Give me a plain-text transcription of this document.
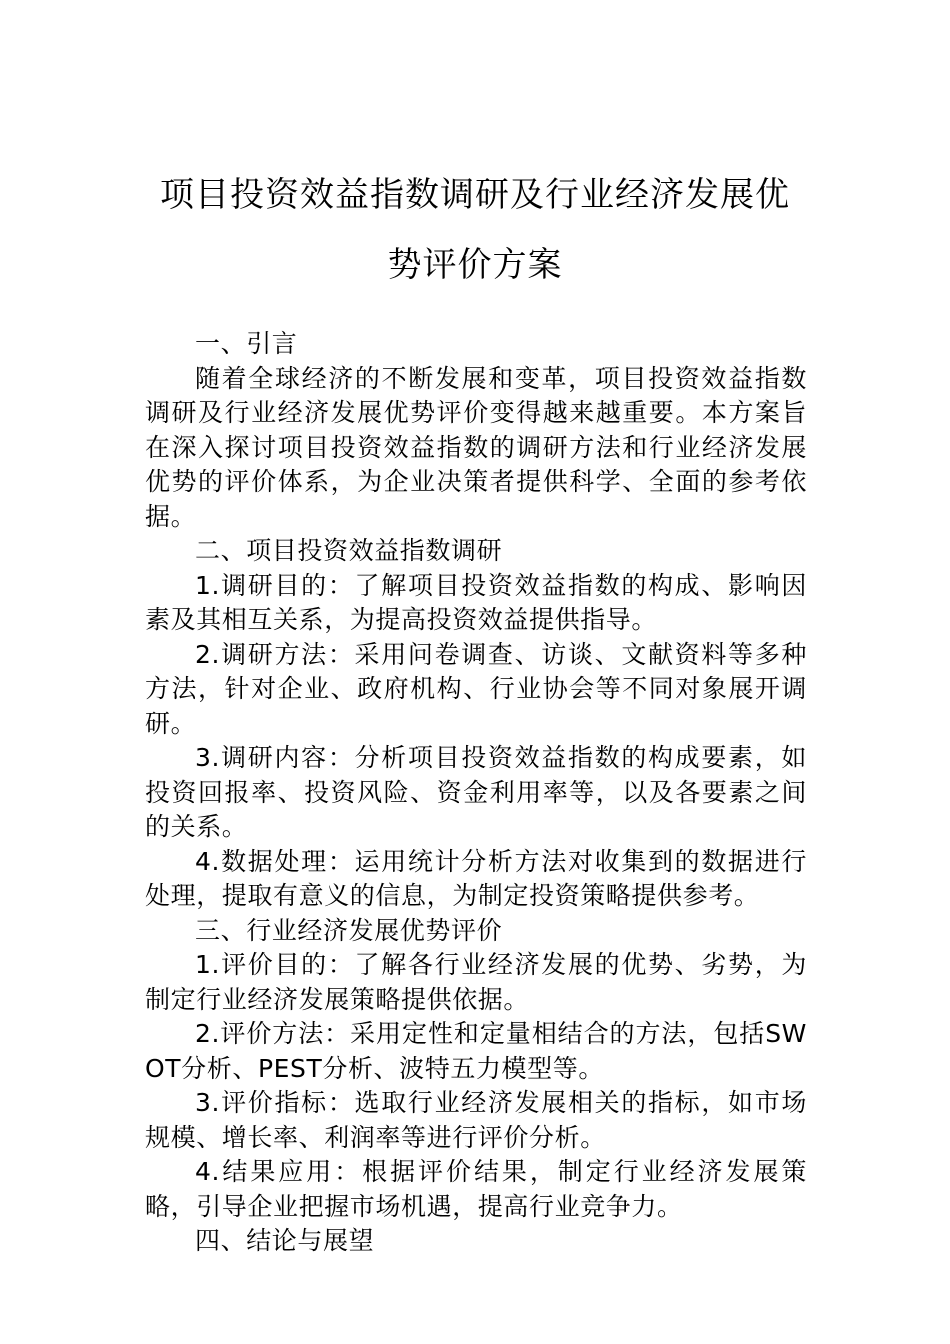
项目投资效益指数调研及行业经济发展优势评价方案

一、引言

随着全球经济的不断发展和变革，项目投资效益指数调研及行业经济发展优势评价变得越来越重要。本方案旨在深入探讨项目投资效益指数的调研方法和行业经济发展优势的评价体系，为企业决策者提供科学、全面的参考依据。

二、项目投资效益指数调研

1.调研目的：了解项目投资效益指数的构成、影响因素及其相互关系，为提高投资效益提供指导。

2.调研方法：采用问卷调查、访谈、文献资料等多种方法，针对企业、政府机构、行业协会等不同对象展开调研。

3.调研内容：分析项目投资效益指数的构成要素，如投资回报率、投资风险、资金利用率等，以及各要素之间的关系。

4.数据处理：运用统计分析方法对收集到的数据进行处理，提取有意义的信息，为制定投资策略提供参考。

三、行业经济发展优势评价

1.评价目的：了解各行业经济发展的优势、劣势，为制定行业经济发展策略提供依据。

2.评价方法：采用定性和定量相结合的方法，包括SWOT分析、PEST分析、波特五力模型等。

3.评价指标：选取行业经济发展相关的指标，如市场规模、增长率、利润率等进行评价分析。

4.结果应用：根据评价结果，制定行业经济发展策略，引导企业把握市场机遇，提高行业竞争力。

四、结论与展望
